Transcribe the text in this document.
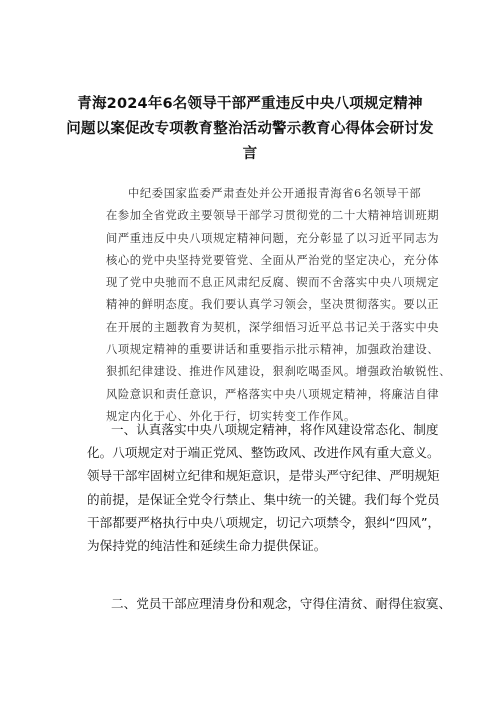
青海2024年6名领导干部严重违反中央八项规定精神
问题以案促改专项教育整治活动警示教育心得体会研讨发
言
中纪委国家监委严肃查处并公开通报青海省6名领导干部
在参加全省党政主要领导干部学习贯彻党的二十大精神培训班期
间严重违反中央八项规定精神问题，充分彰显了以习近平同志为
核心的党中央坚持党要管党、全面从严治党的坚定决心，充分体
现了党中央驰而不息正风肃纪反腐、锲而不舍落实中央八项规定
精神的鲜明态度。我们要认真学习领会，坚决贯彻落实。要以正
在开展的主题教育为契机，深学细悟习近平总书记关于落实中央
八项规定精神的重要讲话和重要指示批示精神，加强政治建设、
狠抓纪律建设、推进作风建设，狠刹吃喝歪风。增强政治敏锐性、
风险意识和责任意识，严格落实中央八项规定精神，将廉洁自律
规定内化于心、外化于行，切实转变工作作风。
一、认真落实中央八项规定精神，将作风建设常态化、制度
化。八项规定对于端正党风、整饬政风、改进作风有重大意义。
领导干部牢固树立纪律和规矩意识，是带头严守纪律、严明规矩
的前提，是保证全党令行禁止、集中统一的关键。我们每个党员
干部都要严格执行中央八项规定，切记六项禁令，狠纠“四风”，
为保持党的纯洁性和延续生命力提供保证。
二、党员干部应理清身份和观念，守得住清贫、耐得住寂寞、
